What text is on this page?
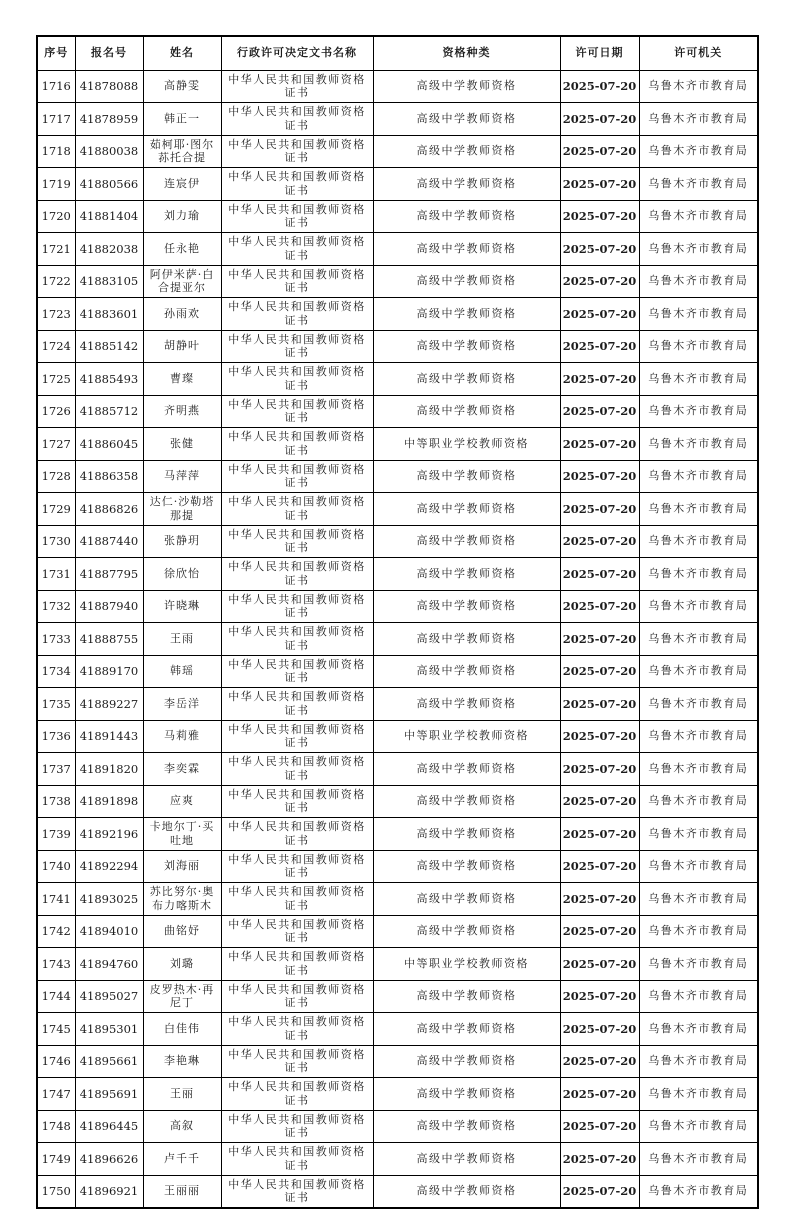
序号	报名号	姓名	行政许可决定文书名称	资格种类	许可日期	许可机关
1716	41878088	高静雯	中华人民共和国教师资格证书	高级中学教师资格	2025-07-20	乌鲁木齐市教育局
1717	41878959	韩正一	中华人民共和国教师资格证书	高级中学教师资格	2025-07-20	乌鲁木齐市教育局
1718	41880038	茹柯耶·图尔荪托合提	中华人民共和国教师资格证书	高级中学教师资格	2025-07-20	乌鲁木齐市教育局
1719	41880566	连宸伊	中华人民共和国教师资格证书	高级中学教师资格	2025-07-20	乌鲁木齐市教育局
1720	41881404	刘力瑜	中华人民共和国教师资格证书	高级中学教师资格	2025-07-20	乌鲁木齐市教育局
1721	41882038	任永艳	中华人民共和国教师资格证书	高级中学教师资格	2025-07-20	乌鲁木齐市教育局
1722	41883105	阿伊米萨·白合提亚尔	中华人民共和国教师资格证书	高级中学教师资格	2025-07-20	乌鲁木齐市教育局
1723	41883601	孙雨欢	中华人民共和国教师资格证书	高级中学教师资格	2025-07-20	乌鲁木齐市教育局
1724	41885142	胡静叶	中华人民共和国教师资格证书	高级中学教师资格	2025-07-20	乌鲁木齐市教育局
1725	41885493	曹璨	中华人民共和国教师资格证书	高级中学教师资格	2025-07-20	乌鲁木齐市教育局
1726	41885712	齐明燕	中华人民共和国教师资格证书	高级中学教师资格	2025-07-20	乌鲁木齐市教育局
1727	41886045	张健	中华人民共和国教师资格证书	中等职业学校教师资格	2025-07-20	乌鲁木齐市教育局
1728	41886358	马萍萍	中华人民共和国教师资格证书	高级中学教师资格	2025-07-20	乌鲁木齐市教育局
1729	41886826	达仁·沙勒塔那提	中华人民共和国教师资格证书	高级中学教师资格	2025-07-20	乌鲁木齐市教育局
1730	41887440	张静玥	中华人民共和国教师资格证书	高级中学教师资格	2025-07-20	乌鲁木齐市教育局
1731	41887795	徐欣怡	中华人民共和国教师资格证书	高级中学教师资格	2025-07-20	乌鲁木齐市教育局
1732	41887940	许晓琳	中华人民共和国教师资格证书	高级中学教师资格	2025-07-20	乌鲁木齐市教育局
1733	41888755	王雨	中华人民共和国教师资格证书	高级中学教师资格	2025-07-20	乌鲁木齐市教育局
1734	41889170	韩瑶	中华人民共和国教师资格证书	高级中学教师资格	2025-07-20	乌鲁木齐市教育局
1735	41889227	李岳洋	中华人民共和国教师资格证书	高级中学教师资格	2025-07-20	乌鲁木齐市教育局
1736	41891443	马莉雅	中华人民共和国教师资格证书	中等职业学校教师资格	2025-07-20	乌鲁木齐市教育局
1737	41891820	李奕霖	中华人民共和国教师资格证书	高级中学教师资格	2025-07-20	乌鲁木齐市教育局
1738	41891898	应爽	中华人民共和国教师资格证书	高级中学教师资格	2025-07-20	乌鲁木齐市教育局
1739	41892196	卡地尔丁·买吐地	中华人民共和国教师资格证书	高级中学教师资格	2025-07-20	乌鲁木齐市教育局
1740	41892294	刘海丽	中华人民共和国教师资格证书	高级中学教师资格	2025-07-20	乌鲁木齐市教育局
1741	41893025	苏比努尔·奥布力喀斯木	中华人民共和国教师资格证书	高级中学教师资格	2025-07-20	乌鲁木齐市教育局
1742	41894010	曲铭妤	中华人民共和国教师资格证书	高级中学教师资格	2025-07-20	乌鲁木齐市教育局
1743	41894760	刘璐	中华人民共和国教师资格证书	中等职业学校教师资格	2025-07-20	乌鲁木齐市教育局
1744	41895027	皮罗热木·再尼丁	中华人民共和国教师资格证书	高级中学教师资格	2025-07-20	乌鲁木齐市教育局
1745	41895301	白佳伟	中华人民共和国教师资格证书	高级中学教师资格	2025-07-20	乌鲁木齐市教育局
1746	41895661	李艳琳	中华人民共和国教师资格证书	高级中学教师资格	2025-07-20	乌鲁木齐市教育局
1747	41895691	王丽	中华人民共和国教师资格证书	高级中学教师资格	2025-07-20	乌鲁木齐市教育局
1748	41896445	高叙	中华人民共和国教师资格证书	高级中学教师资格	2025-07-20	乌鲁木齐市教育局
1749	41896626	卢千千	中华人民共和国教师资格证书	高级中学教师资格	2025-07-20	乌鲁木齐市教育局
1750	41896921	王丽丽	中华人民共和国教师资格证书	高级中学教师资格	2025-07-20	乌鲁木齐市教育局
